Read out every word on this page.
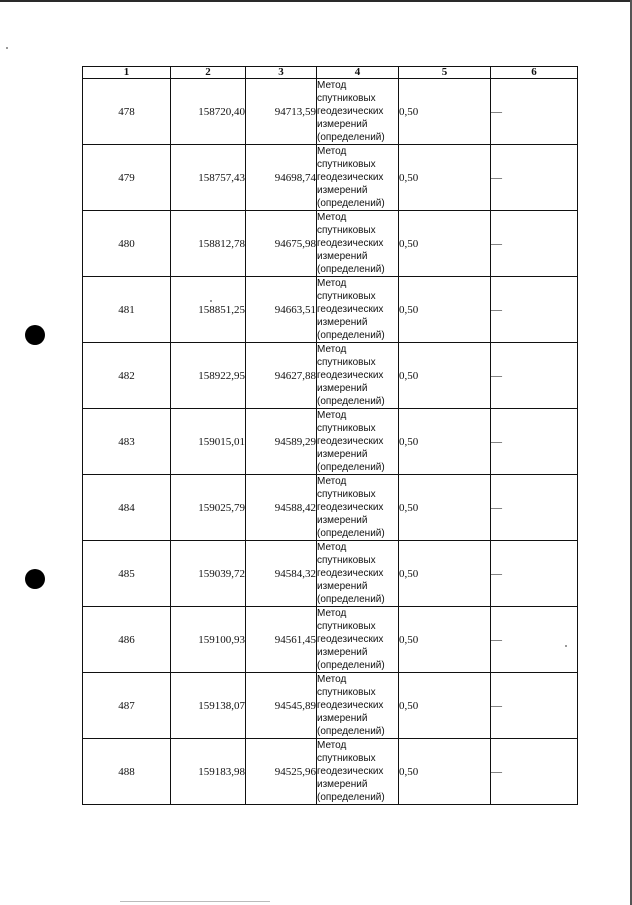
1	2	3	4	5	6
478	158720,40	94713,59	Метод
спутниковых
геодезических
измерений
(определений)	0,50	—
479	158757,43	94698,74	Метод
спутниковых
геодезических
измерений
(определений)	0,50	—
480	158812,78	94675,98	Метод
спутниковых
геодезических
измерений
(определений)	0,50	—
481	158851,25	94663,51	Метод
спутниковых
геодезических
измерений
(определений)	0,50	—
482	158922,95	94627,88	Метод
спутниковых
геодезических
измерений
(определений)	0,50	—
483	159015,01	94589,29	Метод
спутниковых
геодезических
измерений
(определений)	0,50	—
484	159025,79	94588,42	Метод
спутниковых
геодезических
измерений
(определений)	0,50	—
485	159039,72	94584,32	Метод
спутниковых
геодезических
измерений
(определений)	0,50	—
486	159100,93	94561,45	Метод
спутниковых
геодезических
измерений
(определений)	0,50	—
487	159138,07	94545,89	Метод
спутниковых
геодезических
измерений
(определений)	0,50	—
488	159183,98	94525,96	Метод
спутниковых
геодезических
измерений
(определений)	0,50	—
